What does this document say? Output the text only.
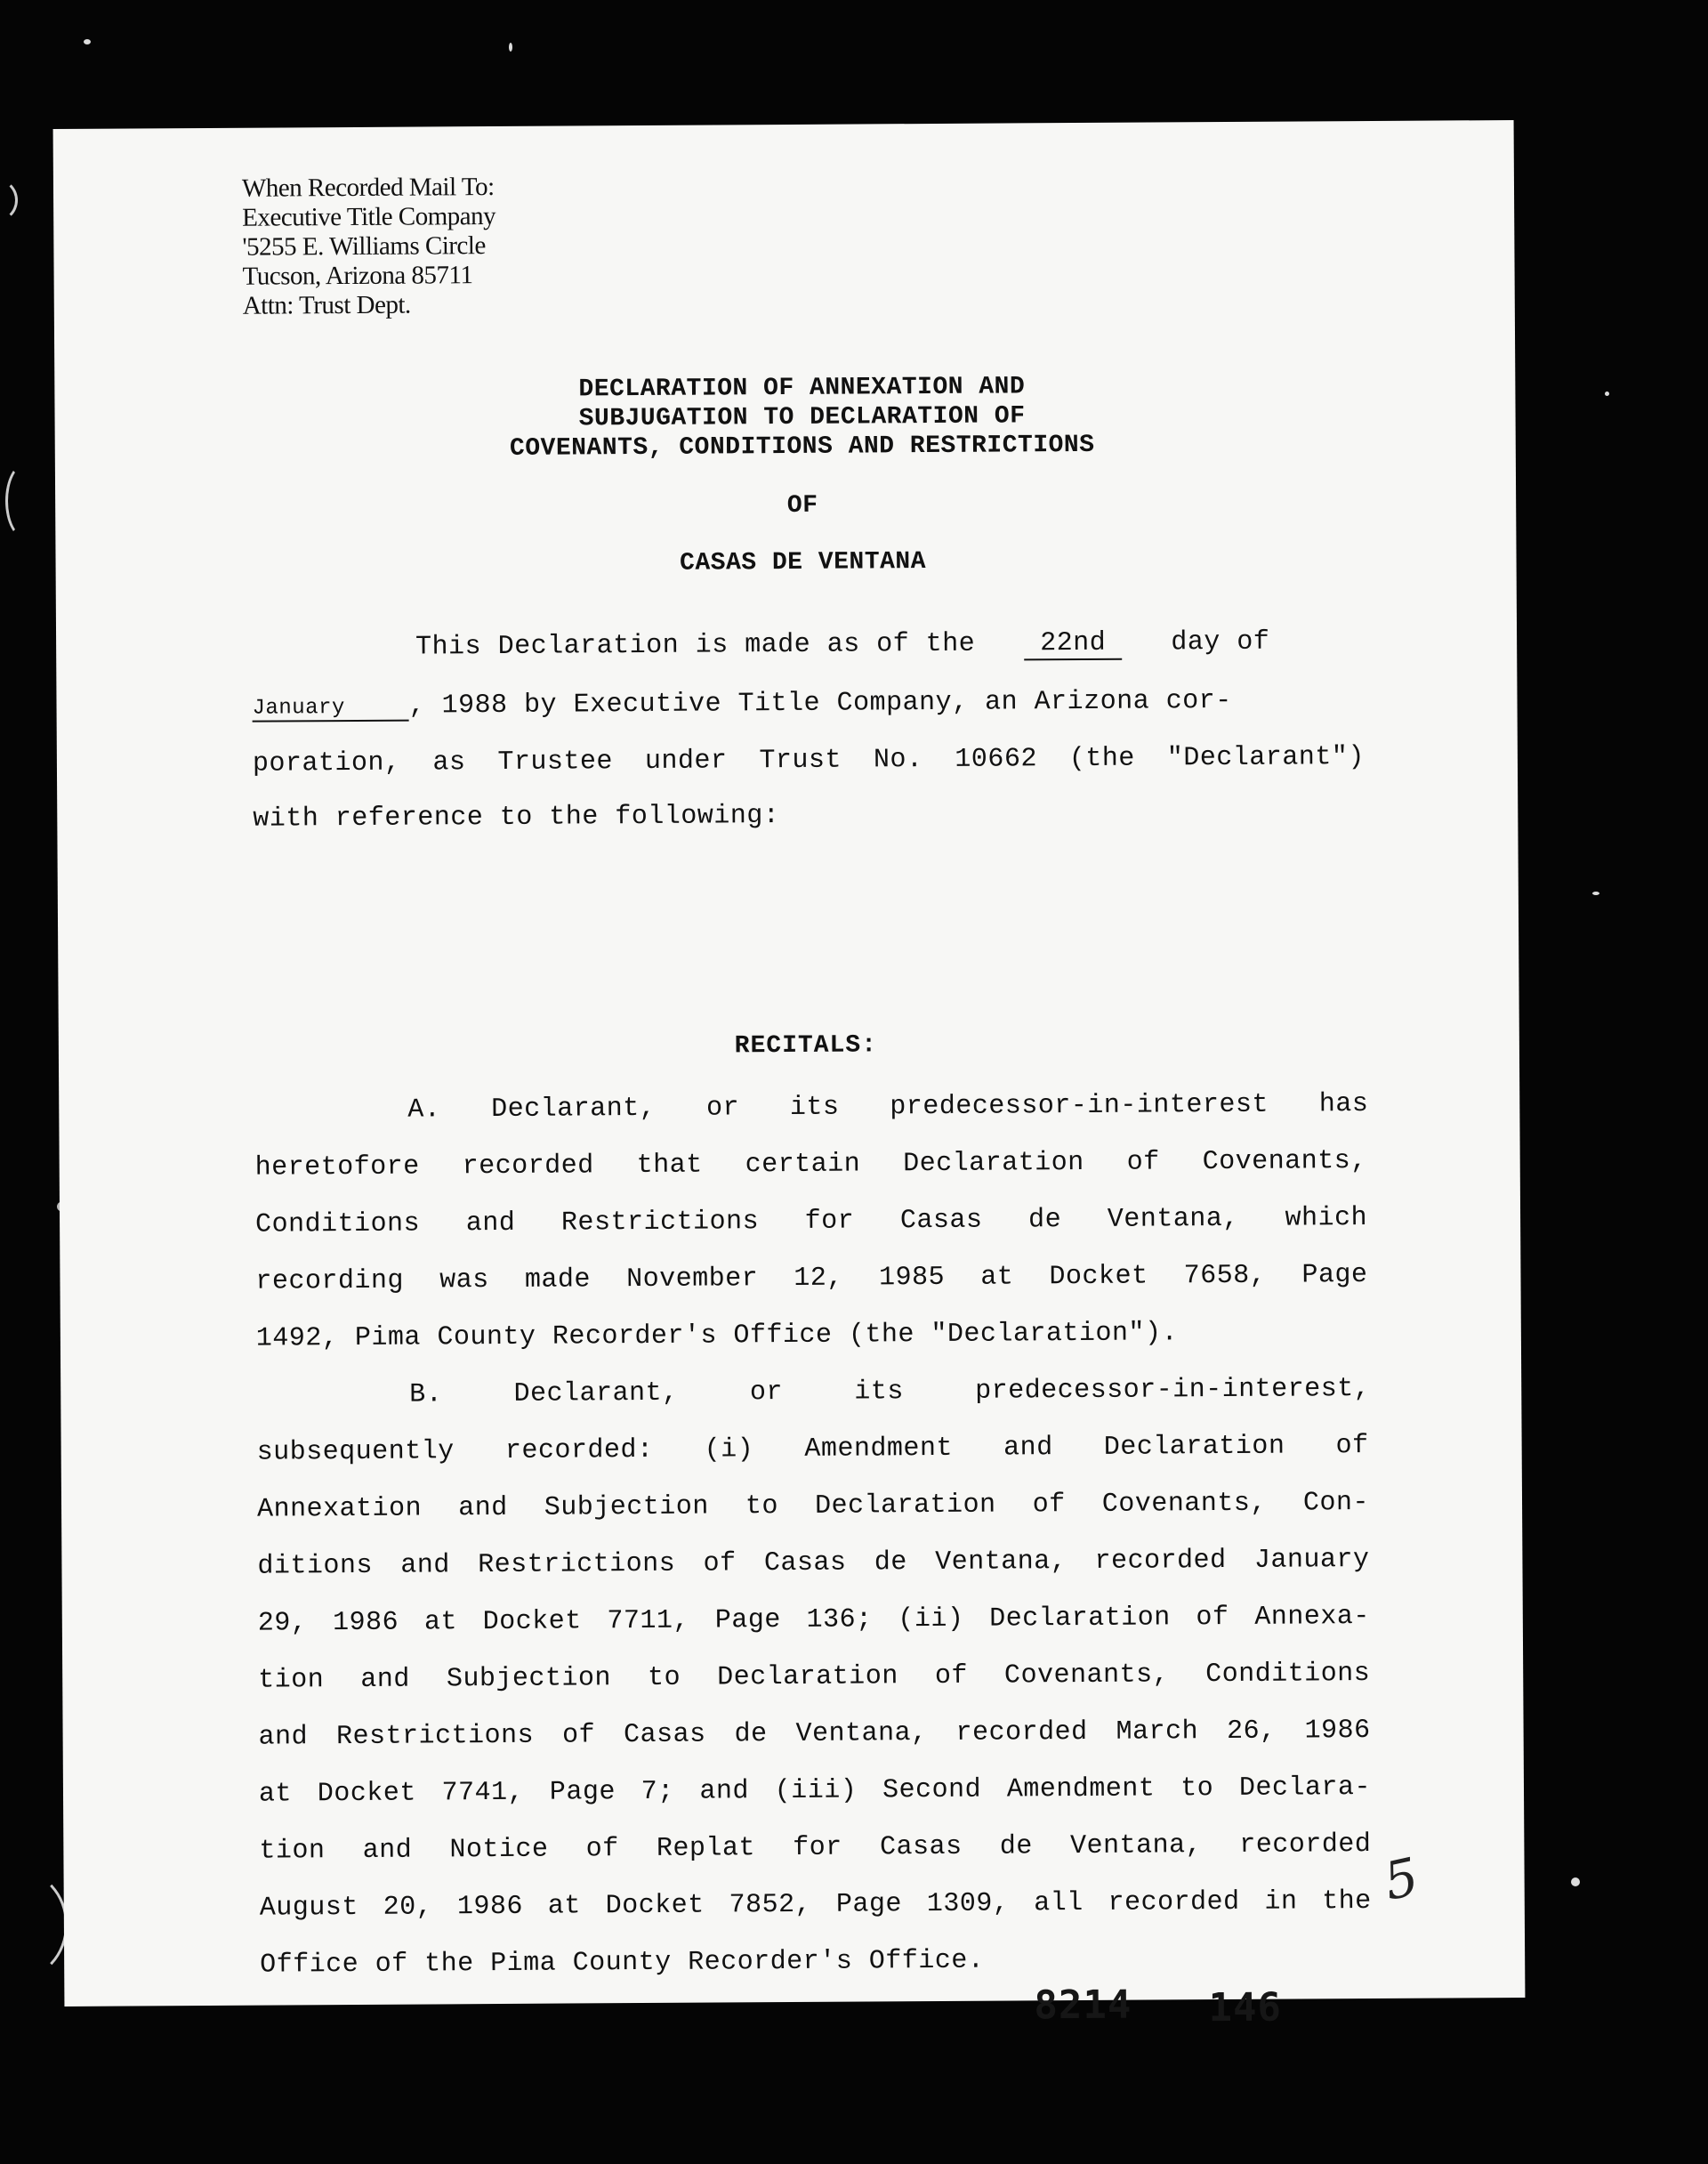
When Recorded Mail To:
Executive Title Company
'5255 E. Williams Circle
Tucson, Arizona 85711
Attn: Trust Dept.
DECLARATION OF ANNEXATION AND
SUBJUGATION TO DECLARATION OF
COVENANTS, CONDITIONS AND RESTRICTIONS
OF
CASAS DE VENTANA
This Declaration is made as of the 22nd day of
January , 1988 by Executive Title Company, an Arizona cor-
poration, as Trustee under Trust No. 10662 (the "Declarant")
with reference to the following:
RECITALS:
A. Declarant, or its predecessor-in-interest has
heretofore recorded that certain Declaration of Covenants,
Conditions and Restrictions for Casas de Ventana, which
recording was made November 12, 1985 at Docket 7658, Page
1492, Pima County Recorder's Office (the "Declaration").
B. Declarant, or its predecessor-in-interest,
subsequently recorded: (i) Amendment and Declaration of
Annexation and Subjection to Declaration of Covenants, Con-
ditions and Restrictions of Casas de Ventana, recorded January
29, 1986 at Docket 7711, Page 136; (ii) Declaration of Annexa-
tion and Subjection to Declaration of Covenants, Conditions
and Restrictions of Casas de Ventana, recorded March 26, 1986
at Docket 7741, Page 7; and (iii) Second Amendment to Declara-
tion and Notice of Replat for Casas de Ventana, recorded
August 20, 1986 at Docket 7852, Page 1309, all recorded in the
Office of the Pima County Recorder's Office.
8214 146
5
